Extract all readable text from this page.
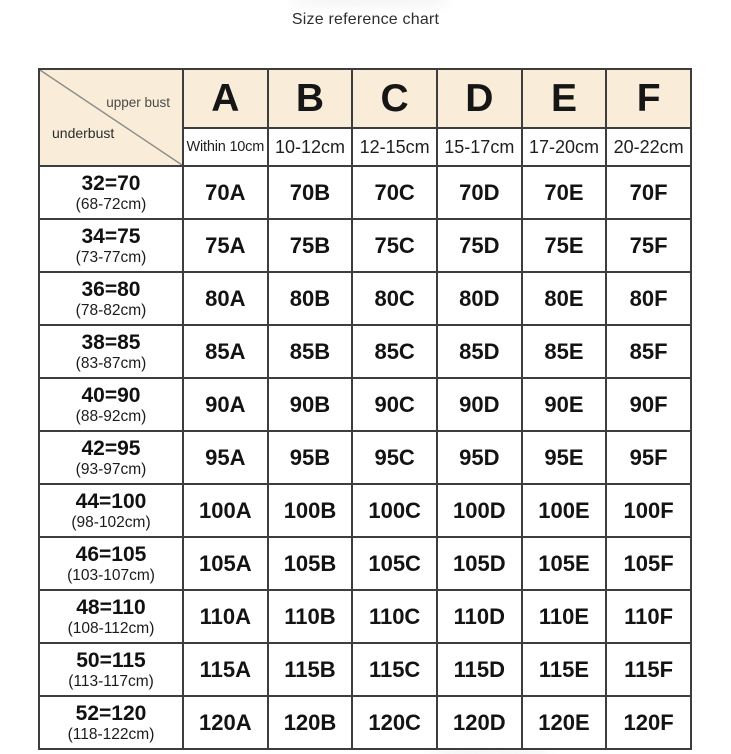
Size reference chart
upper bust
underbust	A	B	C	D	E	F
	Within 10cm	10-12cm	12-15cm	15-17cm	17-20cm	20-22cm

32=70
(68-72cm)	70A	70B	70C	70D	70E	70F

34=75
(73-77cm)	75A	75B	75C	75D	75E	75F

36=80
(78-82cm)	80A	80B	80C	80D	80E	80F

38=85
(83-87cm)	85A	85B	85C	85D	85E	85F

40=90
(88-92cm)	90A	90B	90C	90D	90E	90F

42=95
(93-97cm)	95A	95B	95C	95D	95E	95F

44=100
(98-102cm)	100A	100B	100C	100D	100E	100F

46=105
(103-107cm)	105A	105B	105C	105D	105E	105F

48=110
(108-112cm)	110A	110B	110C	110D	110E	110F

50=115
(113-117cm)	115A	115B	115C	115D	115E	115F

52=120
(118-122cm)	120A	120B	120C	120D	120E	120F
